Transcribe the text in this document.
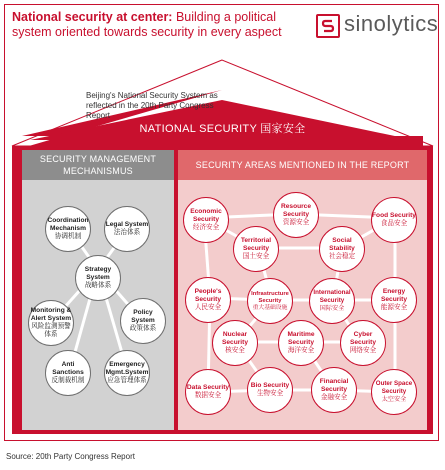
National security at center: Building a political system oriented towards security in every aspect	sinolytics
Beijing's National Security System as reflected in the 20th Party Congress Report
NATIONAL SECURITY 国家安全
SECURITY MANAGEMENT
MECHANISMUS
SECURITY AREAS MENTIONED IN THE REPORT
Coordination Mechanism
协调机制
Legal System
法治体系
Strategy System
战略体系
Monitoring & Alert System
风险监测预警体系
Policy System
政策体系
Anti Sanctions
反制裁机制
Emergency Mgmt.System
应急管理体系
Economic Security
经济安全
Resource Security
资源安全
Food Security
食品安全
Territorial Security
国土安全
Social Stability
社会稳定
People's Security
人民安全
Infrastructure Security
重大基础设施
International Security
国际安全
Energy Security
能源安全
Nuclear Security
核安全
Maritime Security
海洋安全
Cyber Security
网络安全
Data Security
数据安全
Bio Security
生物安全
Financial Security
金融安全
Outer Space Security
太空安全
Source: 20th Party Congress Report
